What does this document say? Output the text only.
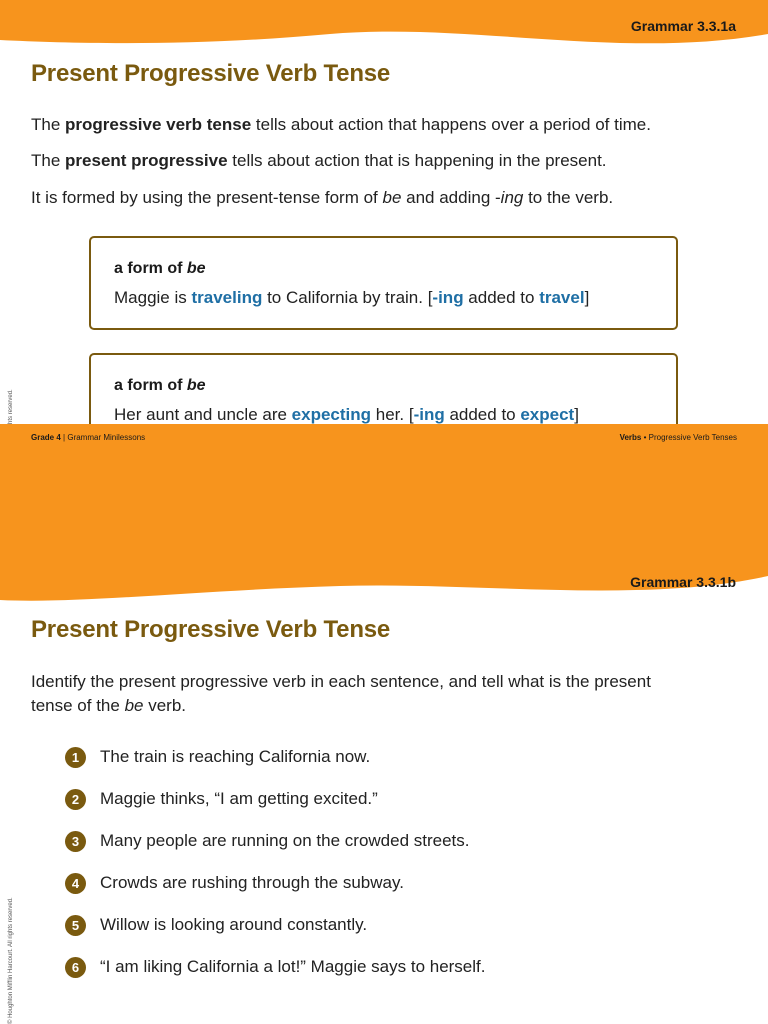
Grammar 3.3.1a
Present Progressive Verb Tense

The progressive verb tense tells about action that happens over a period of time.

The present progressive tells about action that is happening in the present.

It is formed by using the present-tense form of be and adding -ing to the verb.

a form of be
Maggie is traveling to California by train. [-ing added to travel]
a form of be
Her aunt and uncle are expecting her. [-ing added to expect]
Grade 4 | Grammar Minilessons	Verbs • Progressive Verb Tenses
Grammar 3.3.1b
Present Progressive Verb Tense

Identify the present progressive verb in each sentence, and tell what is the present
tense of the be verb.

1	The train is reaching California now.
2	Maggie thinks, “I am getting excited.”
3	Many people are running on the crowded streets.
4	Crowds are rushing through the subway.
5	Willow is looking around constantly.
6	“I am liking California a lot!” Maggie says to herself.
© Houghton Mifflin Harcourt. All rights reserved.
